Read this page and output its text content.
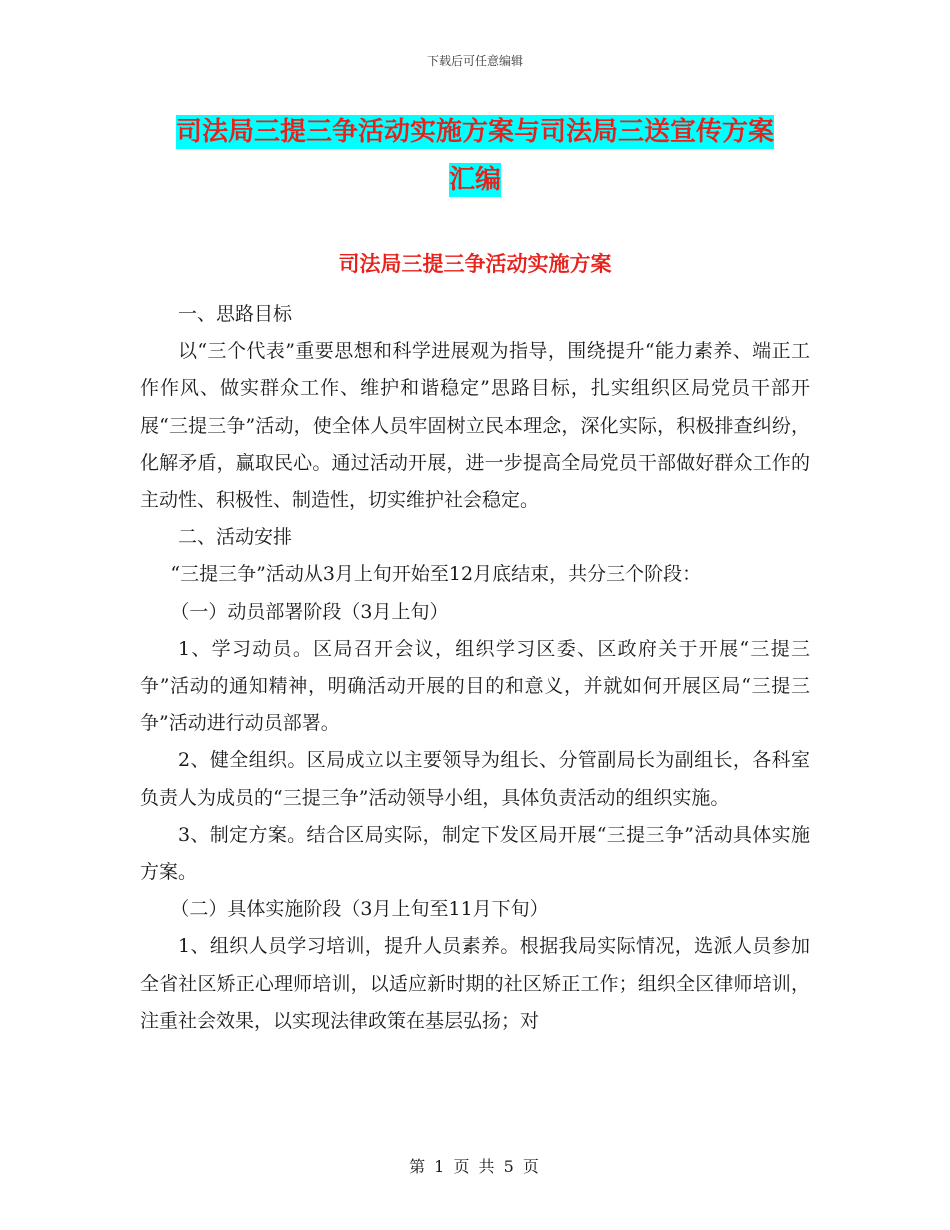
下载后可任意编辑
司法局三提三争活动实施方案与司法局三送宣传方案
汇编
司法局三提三争活动实施方案

一、思路目标

以“三个代表”重要思想和科学进展观为指导，围绕提升“能力素养、端正工作作风、做实群众工作、维护和谐稳定”思路目标，扎实组织区局党员干部开展“三提三争”活动，使全体人员牢固树立民本理念，深化实际，积极排查纠纷，化解矛盾，赢取民心。通过活动开展，进一步提高全局党员干部做好群众工作的主动性、积极性、制造性，切实维护社会稳定。

二、活动安排

“三提三争”活动从3月上旬开始至12月底结束，共分三个阶段：

（一）动员部署阶段（3月上旬）

1、学习动员。区局召开会议，组织学习区委、区政府关于开展“三提三争”活动的通知精神，明确活动开展的目的和意义，并就如何开展区局“三提三争”活动进行动员部署。

2、健全组织。区局成立以主要领导为组长、分管副局长为副组长，各科室负责人为成员的“三提三争”活动领导小组，具体负责活动的组织实施。

3、制定方案。结合区局实际，制定下发区局开展“三提三争”活动具体实施方案。

（二）具体实施阶段（3月上旬至11月下旬）

1、组织人员学习培训，提升人员素养。根据我局实际情况，选派人员参加全省社区矫正心理师培训，以适应新时期的社区矫正工作；组织全区律师培训，注重社会效果，以实现法律政策在基层弘扬；对

第 1 页 共 5 页
